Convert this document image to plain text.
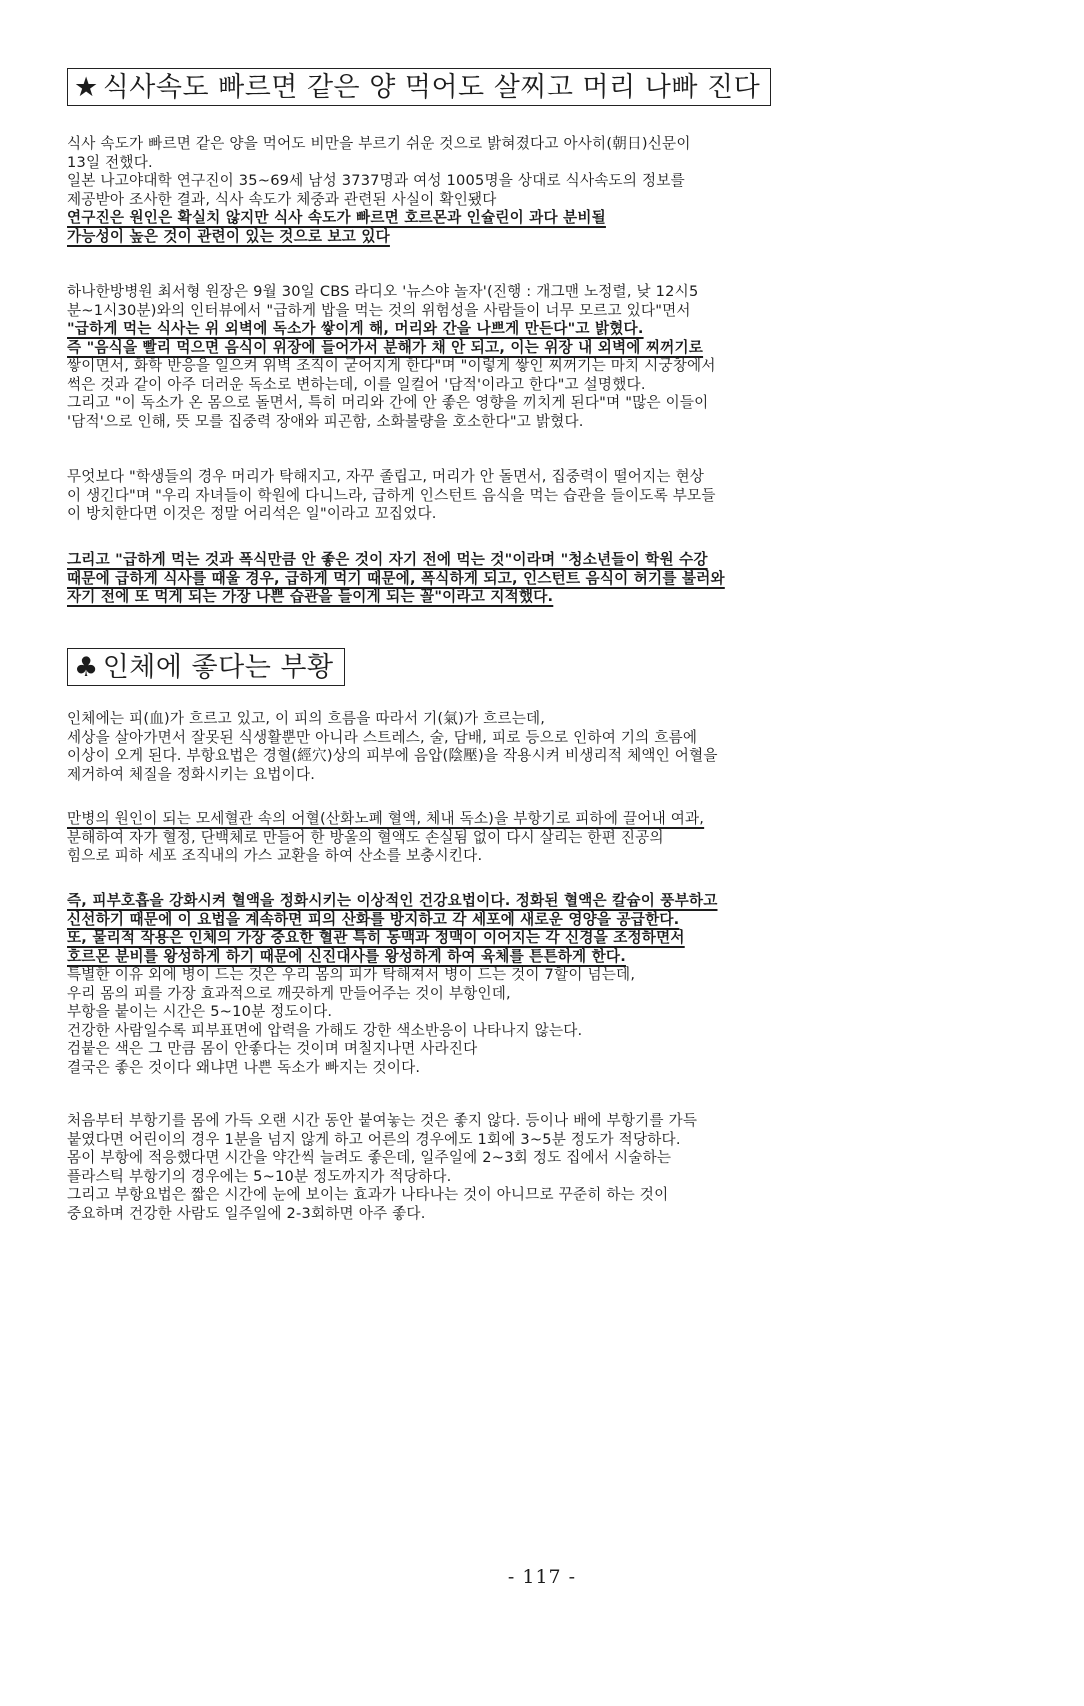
★ 식사속도 빠르면 같은 양 먹어도 살찌고 머리 나빠 진다
식사 속도가 빠르면 같은 양을 먹어도 비만을 부르기 쉬운 것으로 밝혀졌다고 아사히(朝日)신문이
13일 전했다.
일본 나고야대학 연구진이 35~69세 남성 3737명과 여성 1005명을 상대로 식사속도의 정보를
제공받아 조사한 결과, 식사 속도가 체중과 관련된 사실이 확인됐다
연구진은 원인은 확실치 않지만 식사 속도가 빠르면 호르몬과 인슐린이 과다 분비될
가능성이 높은 것이 관련이 있는 것으로 보고 있다
하나한방병원 최서형 원장은 9월 30일 CBS 라디오 '뉴스야 놀자'(진행 : 개그맨 노정렬, 낮 12시5
분~1시30분)와의 인터뷰에서 "급하게 밥을 먹는 것의 위험성을 사람들이 너무 모르고 있다"면서
"급하게 먹는 식사는 위 외벽에 독소가 쌓이게 해, 머리와 간을 나쁘게 만든다"고 밝혔다.
즉 "음식을 빨리 먹으면 음식이 위장에 들어가서 분해가 채 안 되고, 이는 위장 내 외벽에 찌꺼기로
쌓이면서, 화학 반응을 일으켜 위벽 조직이 굳어지게 한다"며 "이렇게 쌓인 찌꺼기는 마치 시궁창에서
썩은 것과 같이 아주 더러운 독소로 변하는데, 이를 일컬어 '담적'이라고 한다"고 설명했다.
그리고 "이 독소가 온 몸으로 돌면서, 특히 머리와 간에 안 좋은 영향을 끼치게 된다"며 "많은 이들이
'담적'으로 인해, 뜻 모를 집중력 장애와 피곤함, 소화불량을 호소한다"고 밝혔다.
무엇보다 "학생들의 경우 머리가 탁해지고, 자꾸 졸립고, 머리가 안 돌면서, 집중력이 떨어지는 현상
이 생긴다"며 "우리 자녀들이 학원에 다니느라, 급하게 인스턴트 음식을 먹는 습관을 들이도록 부모들
이 방치한다면 이것은 정말 어리석은 일"이라고 꼬집었다.
그리고 "급하게 먹는 것과 폭식만큼 안 좋은 것이 자기 전에 먹는 것"이라며 "청소년들이 학원 수강
때문에 급하게 식사를 때울 경우, 급하게 먹기 때문에, 폭식하게 되고, 인스턴트 음식이 허기를 불러와
자기 전에 또 먹게 되는 가장 나쁜 습관을 들이게 되는 꼴"이라고 지적했다.
♣ 인체에 좋다는 부황
인체에는 피(血)가 흐르고 있고, 이 피의 흐름을 따라서 기(氣)가 흐르는데,
세상을 살아가면서 잘못된 식생활뿐만 아니라 스트레스, 술, 담배, 피로 등으로 인하여 기의 흐름에
이상이 오게 된다. 부항요법은 경혈(經穴)상의 피부에 음압(陰壓)을 작용시켜 비생리적 체액인 어혈을
제거하여 체질을 정화시키는 요법이다.
만병의 원인이 되는 모세혈관 속의 어혈(산화노폐 혈액, 체내 독소)을 부항기로 피하에 끌어내 여과,
분해하여 자가 혈정, 단백체로 만들어 한 방울의 혈액도 손실됨 없이 다시 살리는 한편 진공의
힘으로 피하 세포 조직내의 가스 교환을 하여 산소를 보충시킨다.
즉, 피부호흡을 강화시켜 혈액을 정화시키는 이상적인 건강요법이다. 정화된 혈액은 칼슘이 풍부하고
신선하기 때문에 이 요법을 계속하면 피의 산화를 방지하고 각 세포에 새로운 영양을 공급한다.
또, 물리적 작용은 인체의 가장 중요한 혈관 특히 동맥과 정맥이 이어지는 각 신경을 조정하면서
호르몬 분비를 왕성하게 하기 때문에 신진대사를 왕성하게 하여 육체를 튼튼하게 한다.
특별한 이유 외에 병이 드는 것은 우리 몸의 피가 탁해져서 병이 드는 것이 7할이 넘는데,
우리 몸의 피를 가장 효과적으로 깨끗하게 만들어주는 것이 부항인데,
부항을 붙이는 시간은 5~10분 정도이다.
건강한 사람일수록 피부표면에 압력을 가해도 강한 색소반응이 나타나지 않는다.
검붙은 색은 그 만큼 몸이 안좋다는 것이며 며칠지나면 사라진다
결국은 좋은 것이다 왜냐면 나쁜 독소가 빠지는 것이다.
처음부터 부항기를 몸에 가득 오랜 시간 동안 붙여놓는 것은 좋지 않다. 등이나 배에 부항기를 가득
붙였다면 어린이의 경우 1분을 넘지 않게 하고 어른의 경우에도 1회에 3~5분 정도가 적당하다.
몸이 부항에 적응했다면 시간을 약간씩 늘려도 좋은데, 일주일에 2~3회 정도 집에서 시술하는
플라스틱 부항기의 경우에는 5~10분 정도까지가 적당하다.
그리고 부항요법은 짧은 시간에 눈에 보이는 효과가 나타나는 것이 아니므로 꾸준히 하는 것이
중요하며 건강한 사람도 일주일에 2-3회하면 아주 좋다.
- 117 -
